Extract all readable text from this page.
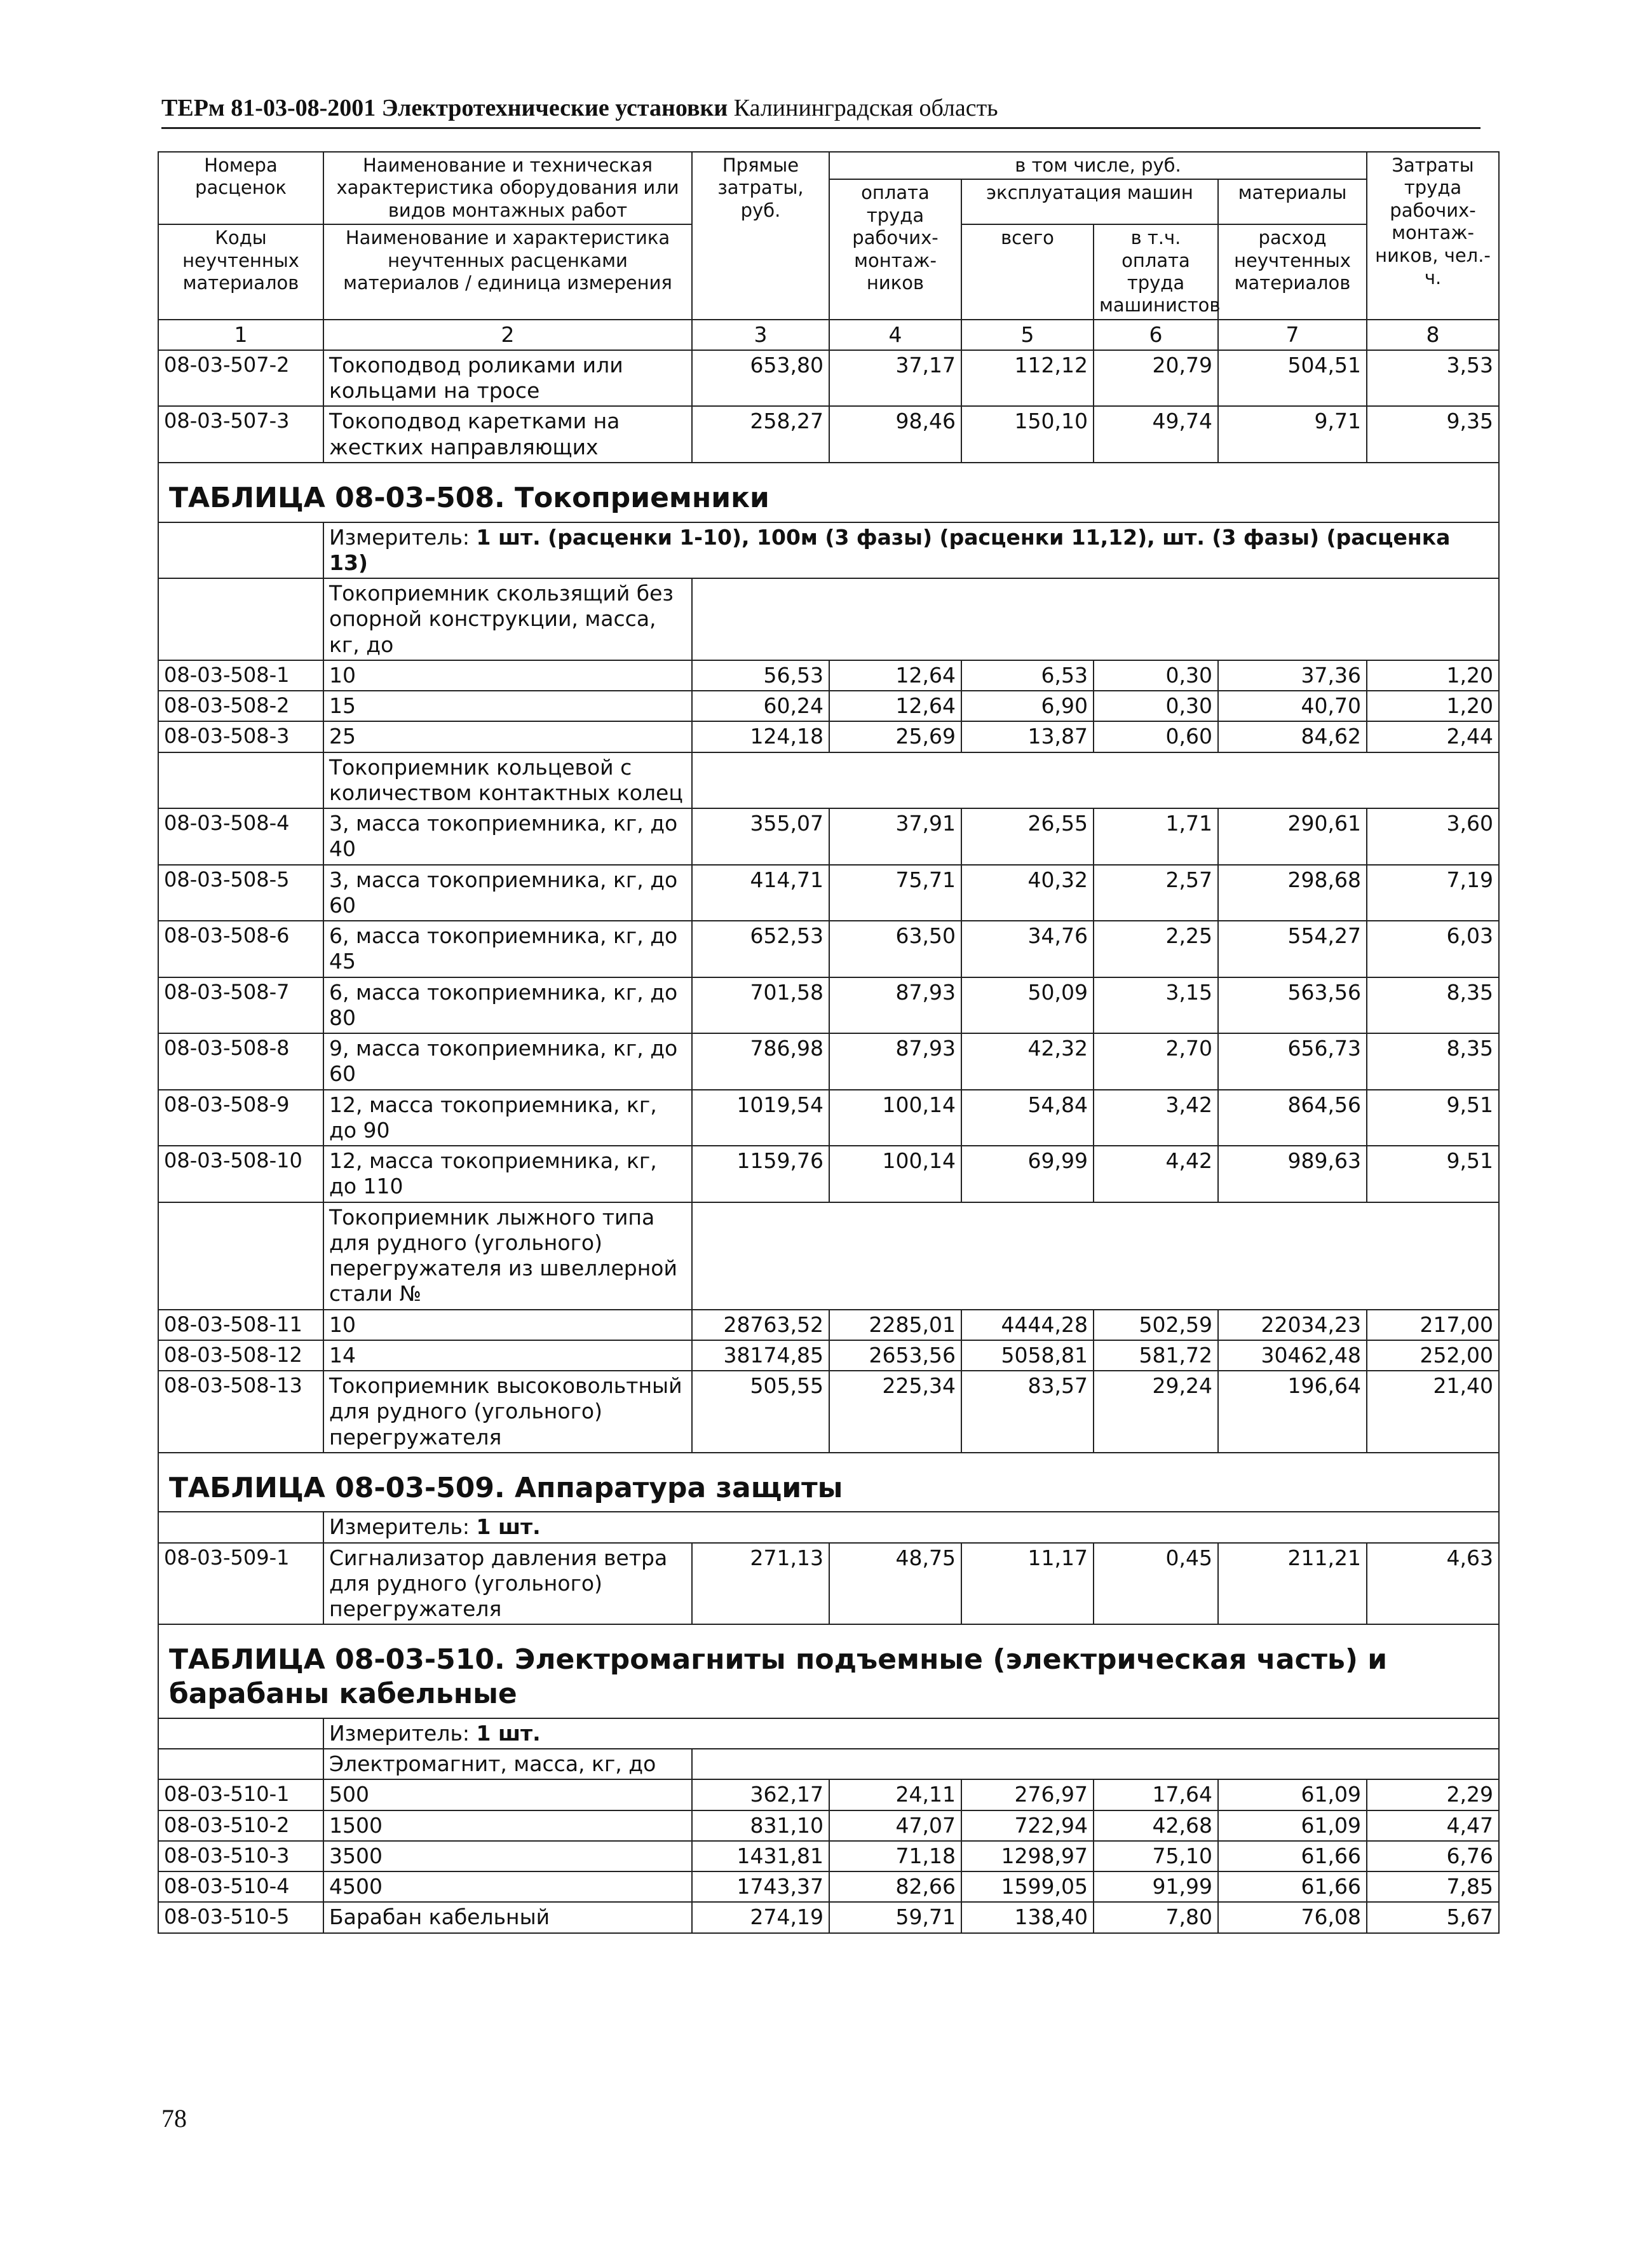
ТЕРм 81-03-08-2001 Электротехнические установки Калининградская область
Номера расценок	Наименование и техническая характеристика оборудования или видов монтажных работ	Прямые затраты, руб.	в том числе, руб.				Затраты труда рабочих-монтаж-ников, чел.-ч.
			оплата труда рабочих-монтаж-ников	эксплуатация машин		материалы	
Коды неучтенных материалов	Наименование и характеристика неучтенных расценками материалов / единица измерения			всего	в т.ч. оплата труда машинистов	расход неучтенных материалов	

1	2	3	4	5	6	7	8
08-03-507-2	Токоподвод роликами или кольцами на тросе	653,80	37,17	112,12	20,79	504,51	3,53
08-03-507-3	Токоподвод каретками на жестких направляющих	258,27	98,46	150,10	49,74	9,71	9,35
ТАБЛИЦА 08-03-508. Токоприемники							
	Измеритель: 1 шт. (расценки 1-10), 100м (3 фазы) (расценки 11,12), шт. (3 фазы) (расценка 13)						
	Токоприемник скользящий без опорной конструкции, масса, кг, до						
08-03-508-1	10	56,53	12,64	6,53	0,30	37,36	1,20
08-03-508-2	15	60,24	12,64	6,90	0,30	40,70	1,20
08-03-508-3	25	124,18	25,69	13,87	0,60	84,62	2,44
	Токоприемник кольцевой с количеством контактных колец						
08-03-508-4	3, масса токоприемника, кг, до 40	355,07	37,91	26,55	1,71	290,61	3,60
08-03-508-5	3, масса токоприемника, кг, до 60	414,71	75,71	40,32	2,57	298,68	7,19
08-03-508-6	6, масса токоприемника, кг, до 45	652,53	63,50	34,76	2,25	554,27	6,03
08-03-508-7	6, масса токоприемника, кг, до 80	701,58	87,93	50,09	3,15	563,56	8,35
08-03-508-8	9, масса токоприемника, кг, до 60	786,98	87,93	42,32	2,70	656,73	8,35
08-03-508-9	12, масса токоприемника, кг, до 90	1019,54	100,14	54,84	3,42	864,56	9,51
08-03-508-10	12, масса токоприемника, кг, до 110	1159,76	100,14	69,99	4,42	989,63	9,51
	Токоприемник лыжного типа для рудного (угольного) перегружателя из швеллерной стали №						
08-03-508-11	10	28763,52	2285,01	4444,28	502,59	22034,23	217,00
08-03-508-12	14	38174,85	2653,56	5058,81	581,72	30462,48	252,00
08-03-508-13	Токоприемник высоковольтный для рудного (угольного) перегружателя	505,55	225,34	83,57	29,24	196,64	21,40
ТАБЛИЦА 08-03-509. Аппаратура защиты							
	Измеритель: 1 шт.						
08-03-509-1	Сигнализатор давления ветра для рудного (угольного) перегружателя	271,13	48,75	11,17	0,45	211,21	4,63
ТАБЛИЦА 08-03-510. Электромагниты подъемные (электрическая часть) и барабаны кабельные							
	Измеритель: 1 шт.						
	Электромагнит, масса, кг, до						
08-03-510-1	500	362,17	24,11	276,97	17,64	61,09	2,29
08-03-510-2	1500	831,10	47,07	722,94	42,68	61,09	4,47
08-03-510-3	3500	1431,81	71,18	1298,97	75,10	61,66	6,76
08-03-510-4	4500	1743,37	82,66	1599,05	91,99	61,66	7,85
08-03-510-5	Барабан кабельный	274,19	59,71	138,40	7,80	76,08	5,67
78
